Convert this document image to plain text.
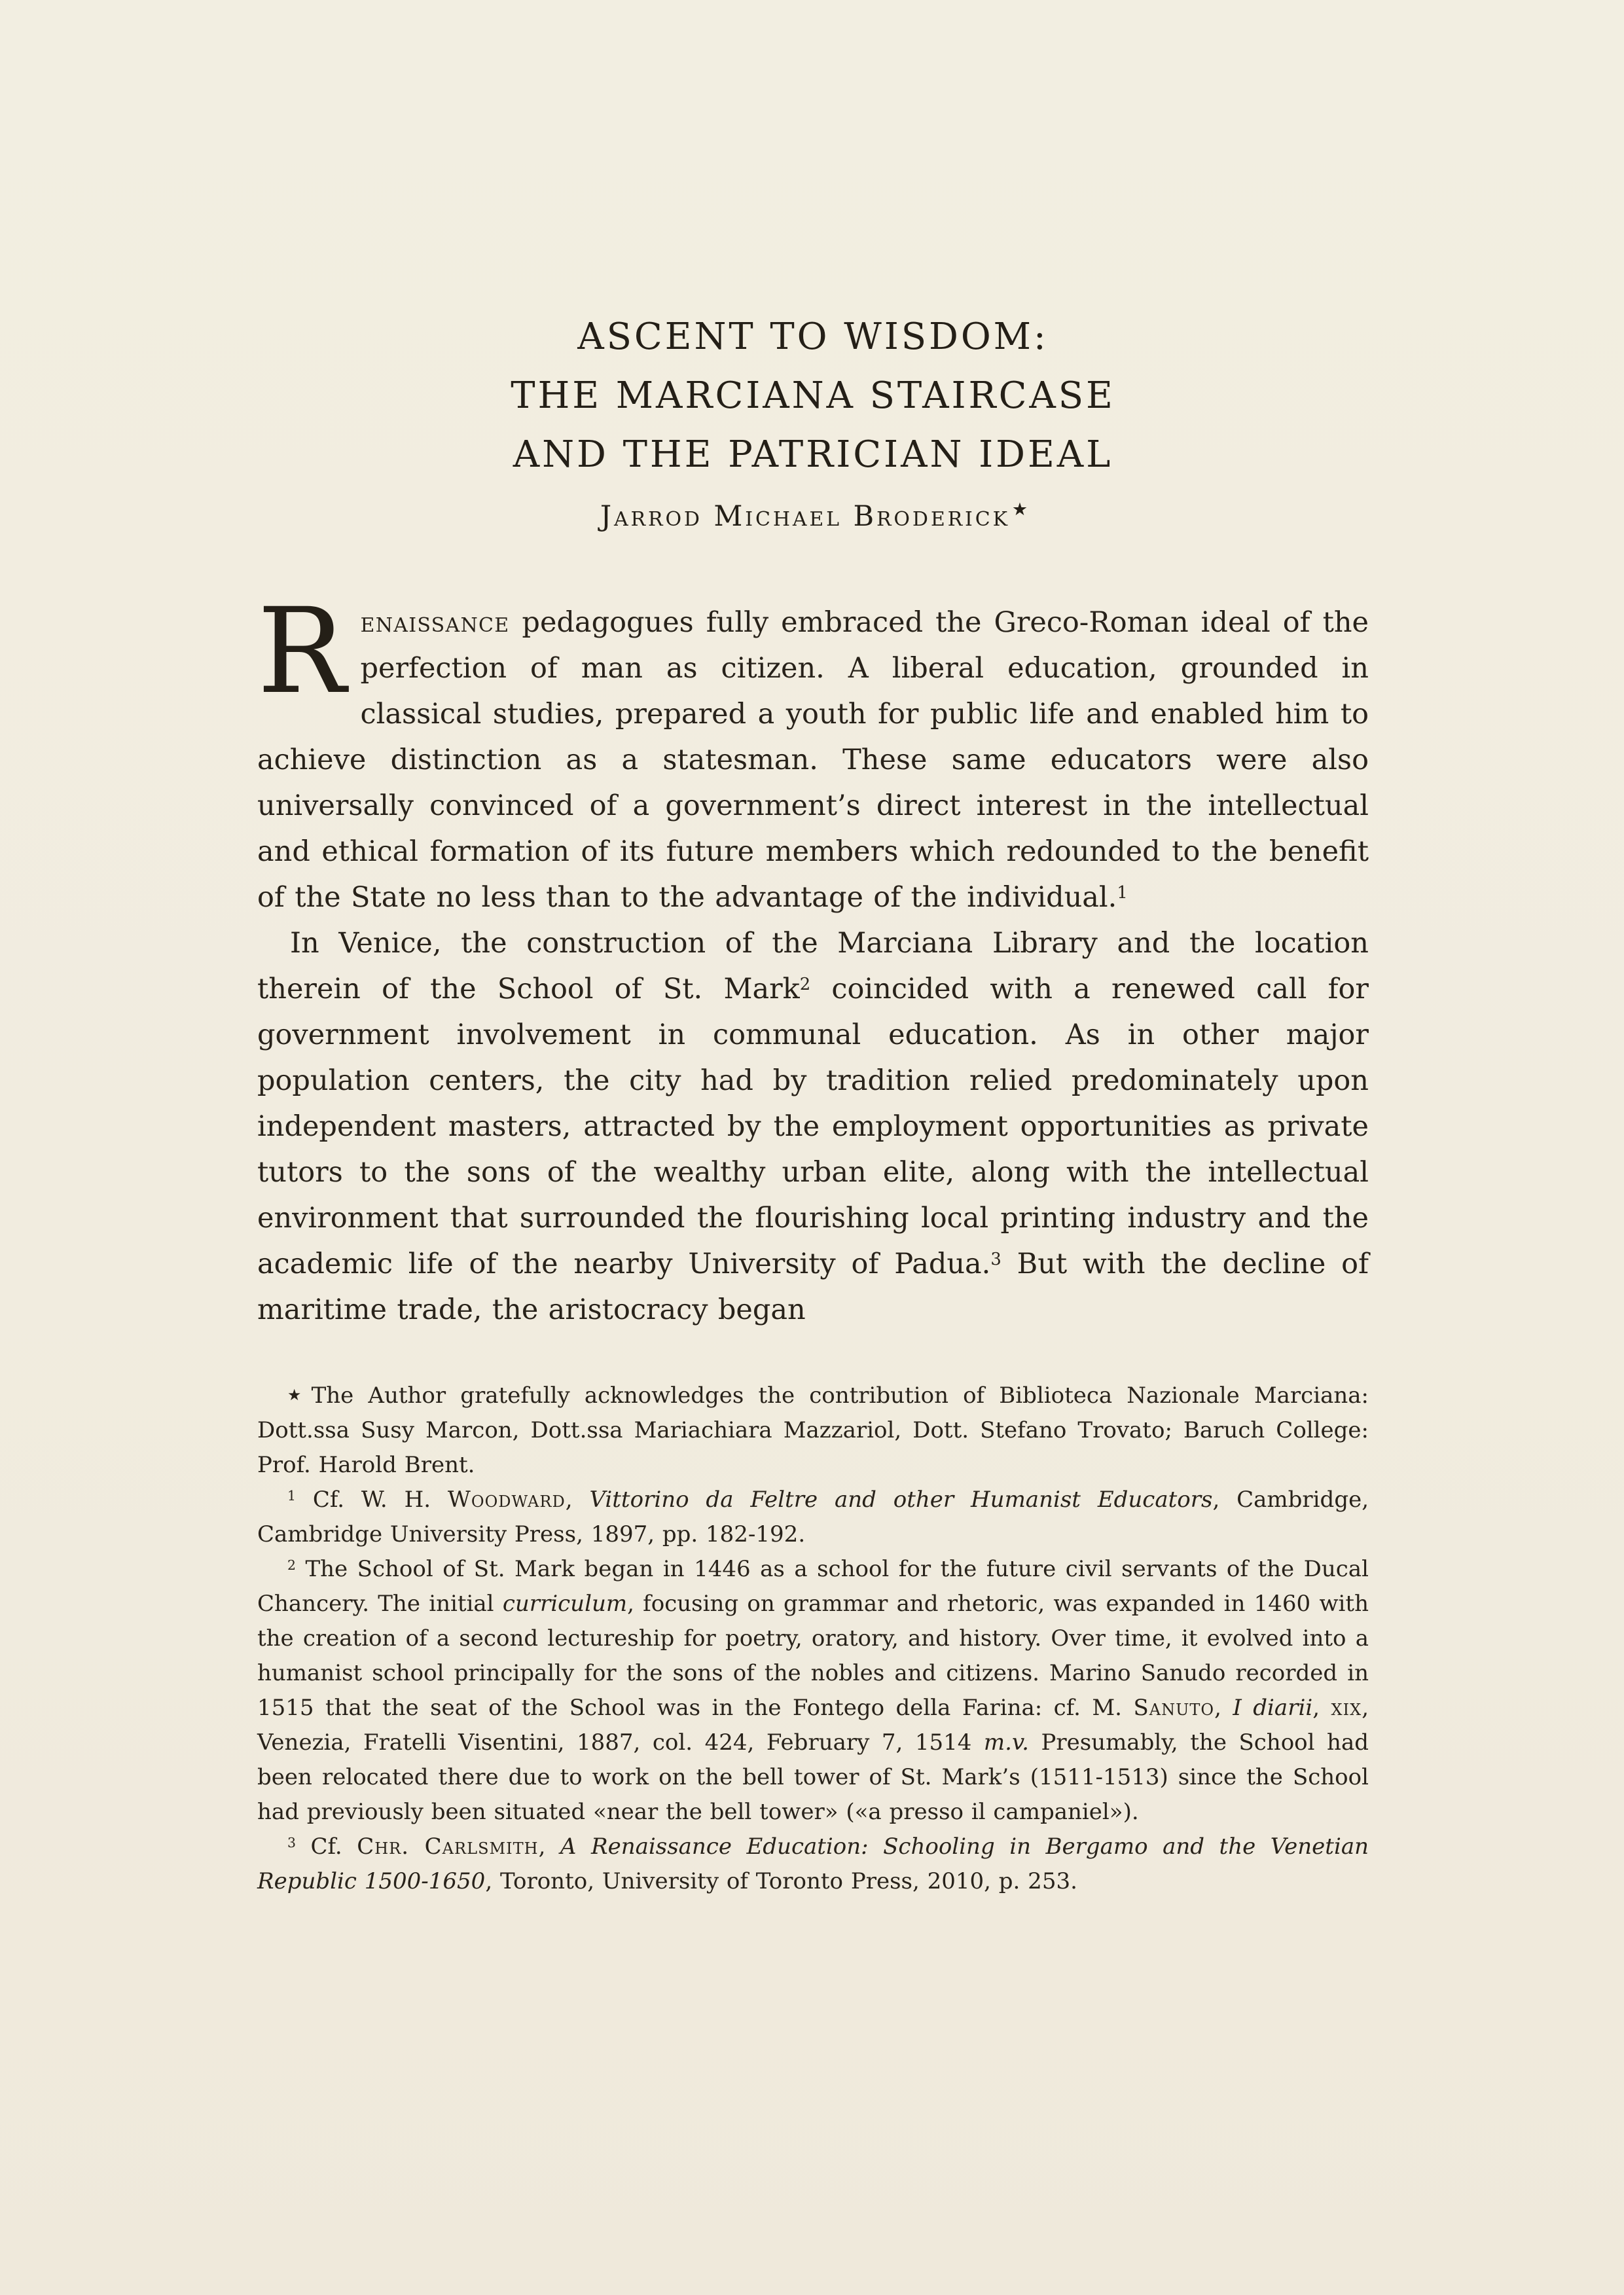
ASCENT TO WISDOM:
THE MARCIANA STAIRCASE
AND THE PATRICIAN IDEAL
Jarrod Michael Broderick ★

Renaissance pedagogues fully embraced the Greco-Roman ideal of the perfection of man as citizen. A liberal education, grounded in classical studies, prepared a youth for public life and enabled him to achieve distinction as a statesman. These same educators were also universally convinced of a government’s direct interest in the intellectual and ethical formation of its future members which redounded to the benefit of the State no less than to the advantage of the individual.$^1$

In Venice, the construction of the Marciana Library and the location therein of the School of St. Mark$^2$ coincided with a renewed call for government involvement in communal education. As in other major population centers, the city had by tradition relied predominately upon independent masters, attracted by the employment opportunities as private tutors to the sons of the wealthy urban elite, along with the intellectual environment that surrounded the flourishing local printing industry and the academic life of the nearby University of Padua.$^3$ But with the decline of maritime trade, the aristocracy began

★ The Author gratefully acknowledges the contribution of Biblioteca Nazionale Marciana: Dott.ssa Susy Marcon, Dott.ssa Mariachiara Mazzariol, Dott. Stefano Trovato; Baruch College: Prof. Harold Brent.

$^1$ Cf. W. H. Woodward, Vittorino da Feltre and other Humanist Educators, Cambridge, Cambridge University Press, 1897, pp. 182-192.

$^2$ The School of St. Mark began in 1446 as a school for the future civil servants of the Ducal Chancery. The initial curriculum, focusing on grammar and rhetoric, was expanded in 1460 with the creation of a second lectureship for poetry, oratory, and history. Over time, it evolved into a humanist school principally for the sons of the nobles and citizens. Marino Sanudo recorded in 1515 that the seat of the School was in the Fontego della Farina: cf. M. Sanuto, I diarii, xix, Venezia, Fratelli Visentini, 1887, col. 424, February 7, 1514 m.v. Presumably, the School had been relocated there due to work on the bell tower of St. Mark’s (1511-1513) since the School had previously been situated «near the bell tower» («a presso il campaniel»).

$^3$ Cf. Chr. Carlsmith, A Renaissance Education: Schooling in Bergamo and the Venetian Republic 1500-1650, Toronto, University of Toronto Press, 2010, p. 253.
